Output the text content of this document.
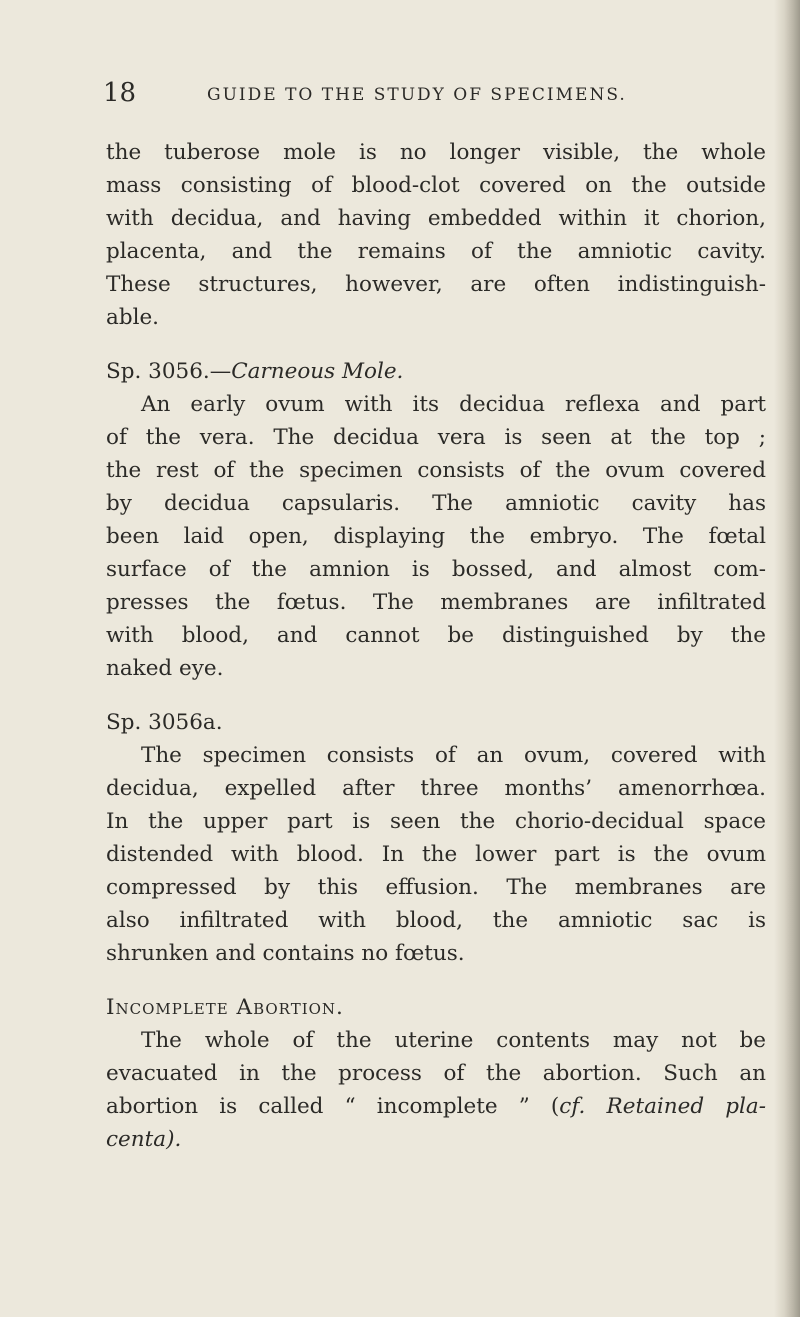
18	GUIDE TO THE STUDY OF SPECIMENS.
the tuberose mole is no longer visible, the whole
mass consisting of blood-clot covered on the outside
with decidua, and having embedded within it chorion,
placenta, and the remains of the amniotic cavity.
These structures, however, are often indistinguish-
able.
Sp. 3056.—Carneous Mole.
An early ovum with its decidua reflexa and part
of the vera. The decidua vera is seen at the top ;
the rest of the specimen consists of the ovum covered
by decidua capsularis. The amniotic cavity has
been laid open, displaying the embryo. The fœtal
surface of the amnion is bossed, and almost com-
presses the fœtus. The membranes are infiltrated
with blood, and cannot be distinguished by the
naked eye.
Sp. 3056a.
The specimen consists of an ovum, covered with
decidua, expelled after three months’ amenorrhœa.
In the upper part is seen the chorio-decidual space
distended with blood. In the lower part is the ovum
compressed by this effusion. The membranes are
also infiltrated with blood, the amniotic sac is
shrunken and contains no fœtus.
Incomplete Abortion.
The whole of the uterine contents may not be
evacuated in the process of the abortion. Such an
abortion is called “ incomplete ” (cf. Retained pla-
centa).
